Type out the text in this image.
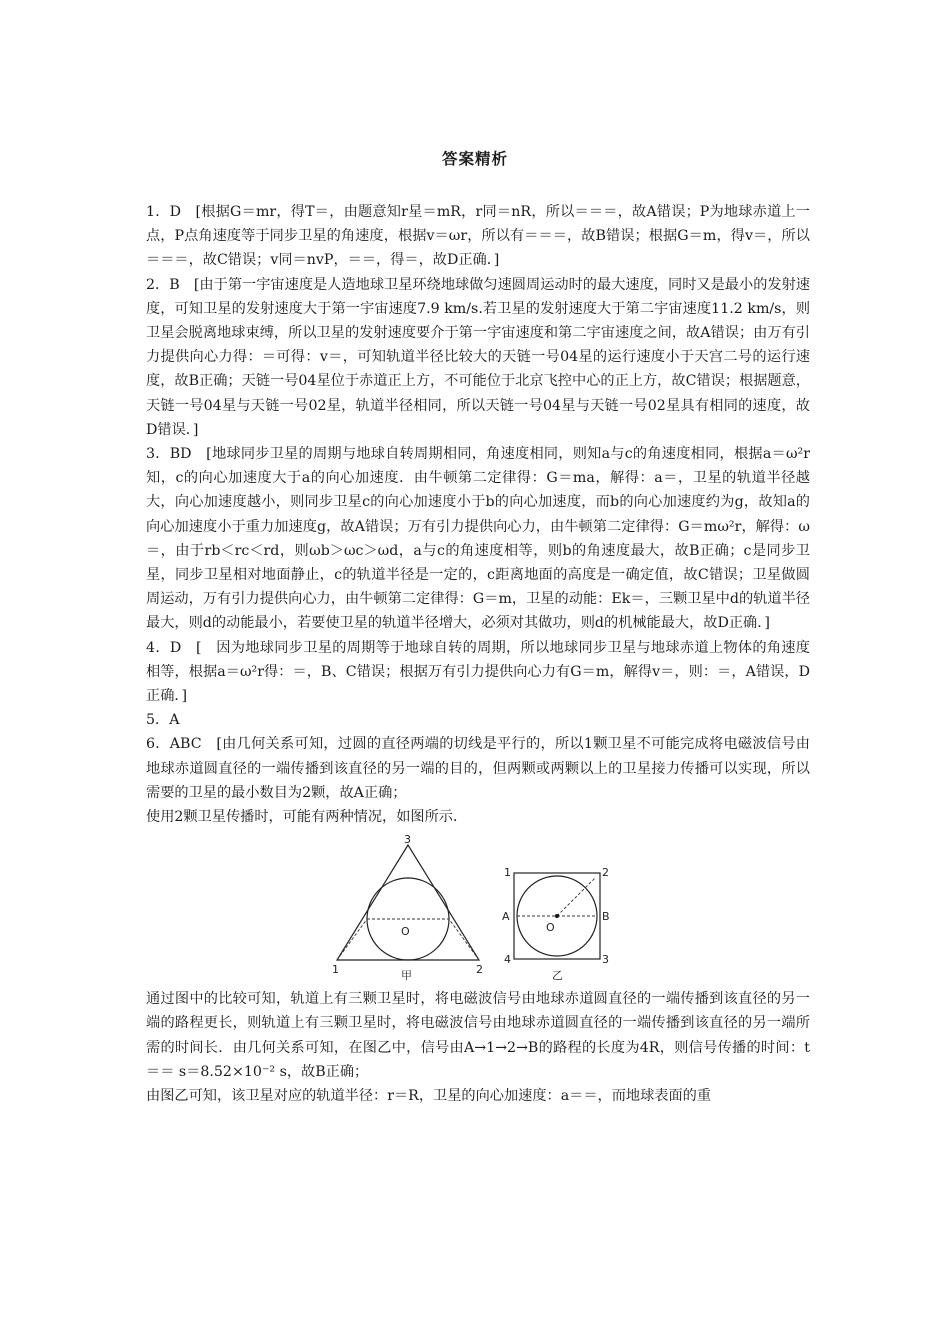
答案精析

1．D　[根据G＝mr，得T＝，由题意知r星＝mR，r同＝nR，所以＝＝＝，故A错误；P为地球赤道上一点，P点角速度等于同步卫星的角速度，根据v＝ωr，所以有＝＝＝，故B错误；根据G＝m，得v＝，所以＝＝＝，故C错误；v同＝nvP，＝＝，得＝，故D正确．]

2．B　[由于第一宇宙速度是人造地球卫星环绕地球做匀速圆周运动时的最大速度，同时又是最小的发射速度，可知卫星的发射速度大于第一宇宙速度7.9 km/s.若卫星的发射速度大于第二宇宙速度11.2 km/s，则卫星会脱离地球束缚，所以卫星的发射速度要介于第一宇宙速度和第二宇宙速度之间，故A错误；由万有引力提供向心力得：＝可得：v＝，可知轨道半径比较大的天链一号04星的运行速度小于天宫二号的运行速度，故B正确；天链一号04星位于赤道正上方，不可能位于北京飞控中心的正上方，故C错误；根据题意，天链一号04星与天链一号02星，轨道半径相同，所以天链一号04星与天链一号02星具有相同的速度，故D错误．]

3．BD　[地球同步卫星的周期与地球自转周期相同，角速度相同，则知a与c的角速度相同，根据a＝ω²r知，c的向心加速度大于a的向心加速度．由牛顿第二定律得：G＝ma，解得：a＝，卫星的轨道半径越大，向心加速度越小，则同步卫星c的向心加速度小于b的向心加速度，而b的向心加速度约为g，故知a的向心加速度小于重力加速度g，故A错误；万有引力提供向心力，由牛顿第二定律得：G＝mω²r，解得：ω＝，由于rb＜rc＜rd，则ωb＞ωc＞ωd，a与c的角速度相等，则b的角速度最大，故B正确；c是同步卫星，同步卫星相对地面静止，c的轨道半径是一定的，c距离地面的高度是一确定值，故C错误；卫星做圆周运动，万有引力提供向心力，由牛顿第二定律得：G＝m，卫星的动能：Ek＝，三颗卫星中d的轨道半径最大，则d的动能最小，若要使卫星的轨道半径增大，必须对其做功，则d的机械能最大，故D正确．]

4．D　[　因为地球同步卫星的周期等于地球自转的周期，所以地球同步卫星与地球赤道上物体的角速度相等，根据a＝ω²r得：＝，B、C错误；根据万有引力提供向心力有G＝m，解得v＝，则：＝，A错误，D正确．]

5．A

6．ABC　[由几何关系可知，过圆的直径两端的切线是平行的，所以1颗卫星不可能完成将电磁波信号由地球赤道圆直径的一端传播到该直径的另一端的目的，但两颗或两颗以上的卫星接力传播可以实现，所以需要的卫星的最小数目为2颗，故A正确；

使用2颗卫星传播时，可能有两种情况，如图所示．

3
O
1	2
甲
1	2
A
O
B
4	3
乙

通过图中的比较可知，轨道上有三颗卫星时，将电磁波信号由地球赤道圆直径的一端传播到该直径的另一端的路程更长，则轨道上有三颗卫星时，将电磁波信号由地球赤道圆直径的一端传播到该直径的另一端所需的时间长．由几何关系可知，在图乙中，信号由A→1→2→B的路程的长度为4R，则信号传播的时间：t＝＝ s＝8.52×10⁻² s，故B正确；

由图乙可知，该卫星对应的轨道半径：r＝R，卫星的向心加速度：a＝＝，而地球表面的重
